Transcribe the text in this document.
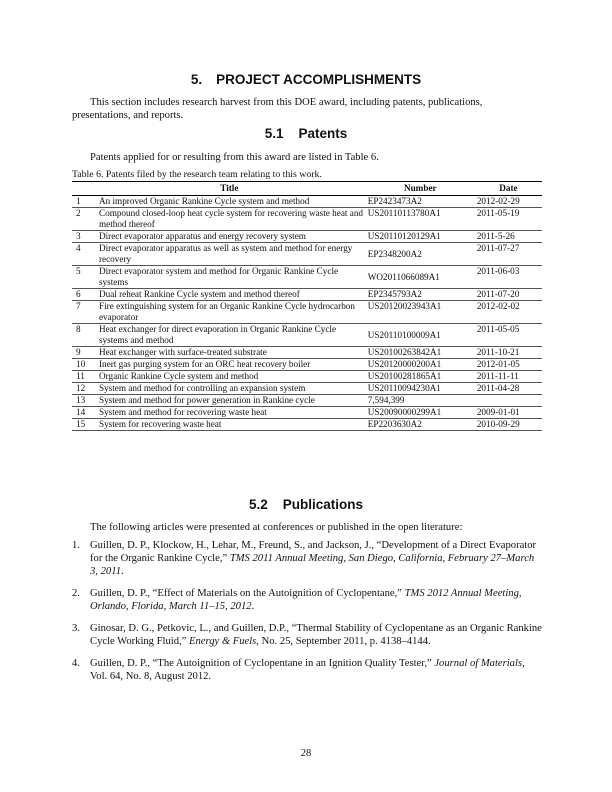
5. PROJECT ACCOMPLISHMENTS
This section includes research harvest from this DOE award, including patents, publications, presentations, and reports.
5.1    Patents
Patents applied for or resulting from this award are listed in Table 6.
Table 6. Patents filed by the research team relating to this work.
	Title	Number	Date
1	An improved Organic Rankine Cycle system and method	EP2423473A2	2012-02-29
2	Compound closed-loop heat cycle system for recovering waste heat and method thereof	US20110113780A1	2011-05-19
3	Direct evaporator apparatus and energy recovery system	US20110120129A1	2011-5-26
4	Direct evaporator apparatus as well as system and method for energy recovery	EP2348200A2	2011-07-27
5	Direct evaporator system and method for Organic Rankine Cycle systems	WO2011066089A1	2011-06-03
6	Dual reheat Rankine Cycle system and method thereof	EP2345793A2	2011-07-20
7	Fire extinguishing system for an Organic Rankine Cycle hydrocarbon evaporator	US20120023943A1	2012-02-02
8	Heat exchanger for direct evaporation in Organic Rankine Cycle systems and method	US20110100009A1	2011-05-05
9	Heat exchanger with surface-treated substrate	US20100263842A1	2011-10-21
10	Inert gas purging system for an ORC heat recovery boiler	US20120000200A1	2012-01-05
11	Organic Rankine Cycle system and method	US20100281865A1	2011-11-11
12	System and method for controlling an expansion system	US20110094230A1	2011-04-28
13	System and method for power generation in Rankine cycle	7,594,399	
14	System and method for recovering waste heat	US20090000299A1	2009-01-01
15	System for recovering waste heat	EP2203630A2	2010-09-29
5.2    Publications
The following articles were presented at conferences or published in the open literature:
1. Guillen, D. P., Klockow, H., Lehar, M., Freund, S., and Jackson, J., “Development of a Direct Evaporator for the Organic Rankine Cycle,” TMS 2011 Annual Meeting, San Diego, California, February 27–March 3, 2011.
2. Guillen, D. P., “Effect of Materials on the Autoignition of Cyclopentane,” TMS 2012 Annual Meeting, Orlando, Florida, March 11–15, 2012.
3. Ginosar, D. G., Petkovic, L., and Guillen, D.P., “Thermal Stability of Cyclopentane as an Organic Rankine Cycle Working Fluid,” Energy & Fuels, No. 25, September 2011, p. 4138–4144.
4. Guillen, D. P., “The Autoignition of Cyclopentane in an Ignition Quality Tester,” Journal of Materials, Vol. 64, No. 8, August 2012.
28
